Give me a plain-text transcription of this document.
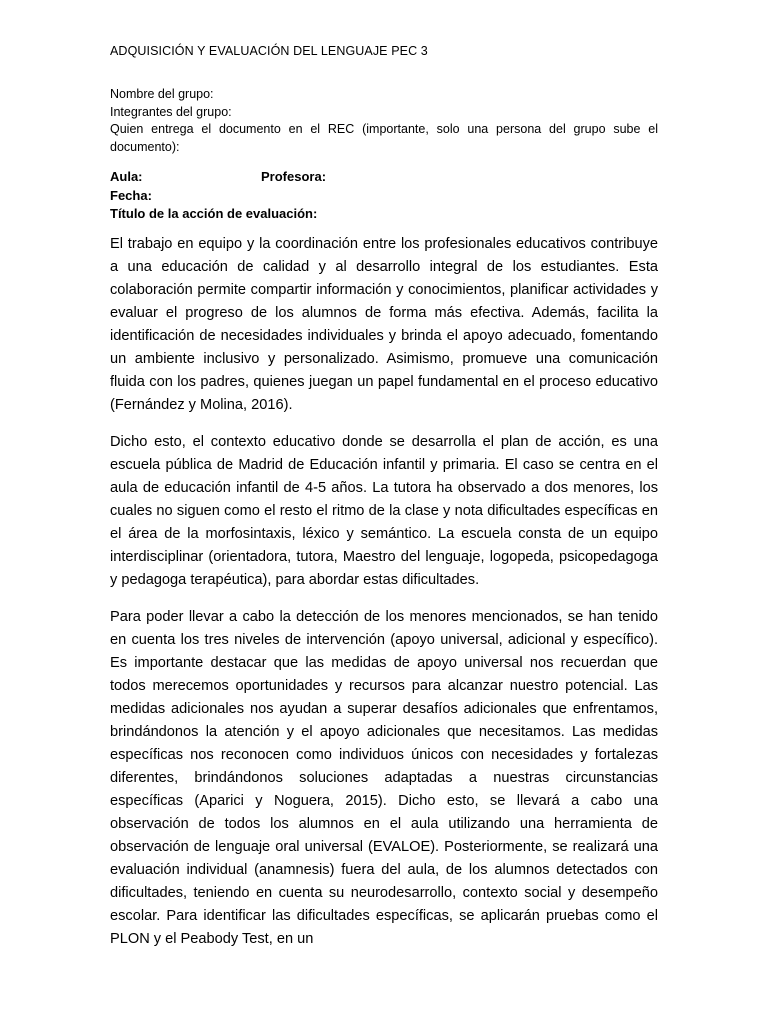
ADQUISICIÓN Y EVALUACIÓN DEL LENGUAJE PEC 3
Nombre del grupo:
Integrantes del grupo:
Quien entrega el documento en el REC (importante, solo una persona del grupo sube el documento):
Aula:	Profesora:
Fecha:
Título de la acción de evaluación:

El trabajo en equipo y la coordinación entre los profesionales educativos contribuye a una educación de calidad y al desarrollo integral de los estudiantes. Esta colaboración permite compartir información y conocimientos, planificar actividades y evaluar el progreso de los alumnos de forma más efectiva. Además, facilita la identificación de necesidades individuales y brinda el apoyo adecuado, fomentando un ambiente inclusivo y personalizado. Asimismo, promueve una comunicación fluida con los padres, quienes juegan un papel fundamental en el proceso educativo (Fernández y Molina, 2016).

Dicho esto, el contexto educativo donde se desarrolla el plan de acción, es una escuela pública de Madrid de Educación infantil y primaria. El caso se centra en el aula de educación infantil de 4-5 años. La tutora ha observado a dos menores, los cuales no siguen como el resto el ritmo de la clase y nota dificultades específicas en el área de la morfosintaxis, léxico y semántico. La escuela consta de un equipo interdisciplinar (orientadora, tutora, Maestro del lenguaje, logopeda, psicopedagoga y pedagoga terapéutica), para abordar estas dificultades.

Para poder llevar a cabo la detección de los menores mencionados, se han tenido en cuenta los tres niveles de intervención (apoyo universal, adicional y específico). Es importante destacar que las medidas de apoyo universal nos recuerdan que todos merecemos oportunidades y recursos para alcanzar nuestro potencial. Las medidas adicionales nos ayudan a superar desafíos adicionales que enfrentamos, brindándonos la atención y el apoyo adicionales que necesitamos. Las medidas específicas nos reconocen como individuos únicos con necesidades y fortalezas diferentes, brindándonos soluciones adaptadas a nuestras circunstancias específicas (Aparici y Noguera, 2015). Dicho esto, se llevará a cabo una observación de todos los alumnos en el aula utilizando una herramienta de observación de lenguaje oral universal (EVALOE). Posteriormente, se realizará una evaluación individual (anamnesis) fuera del aula, de los alumnos detectados con dificultades, teniendo en cuenta su neurodesarrollo, contexto social y desempeño escolar. Para identificar las dificultades específicas, se aplicarán pruebas como el PLON y el Peabody Test, en un
